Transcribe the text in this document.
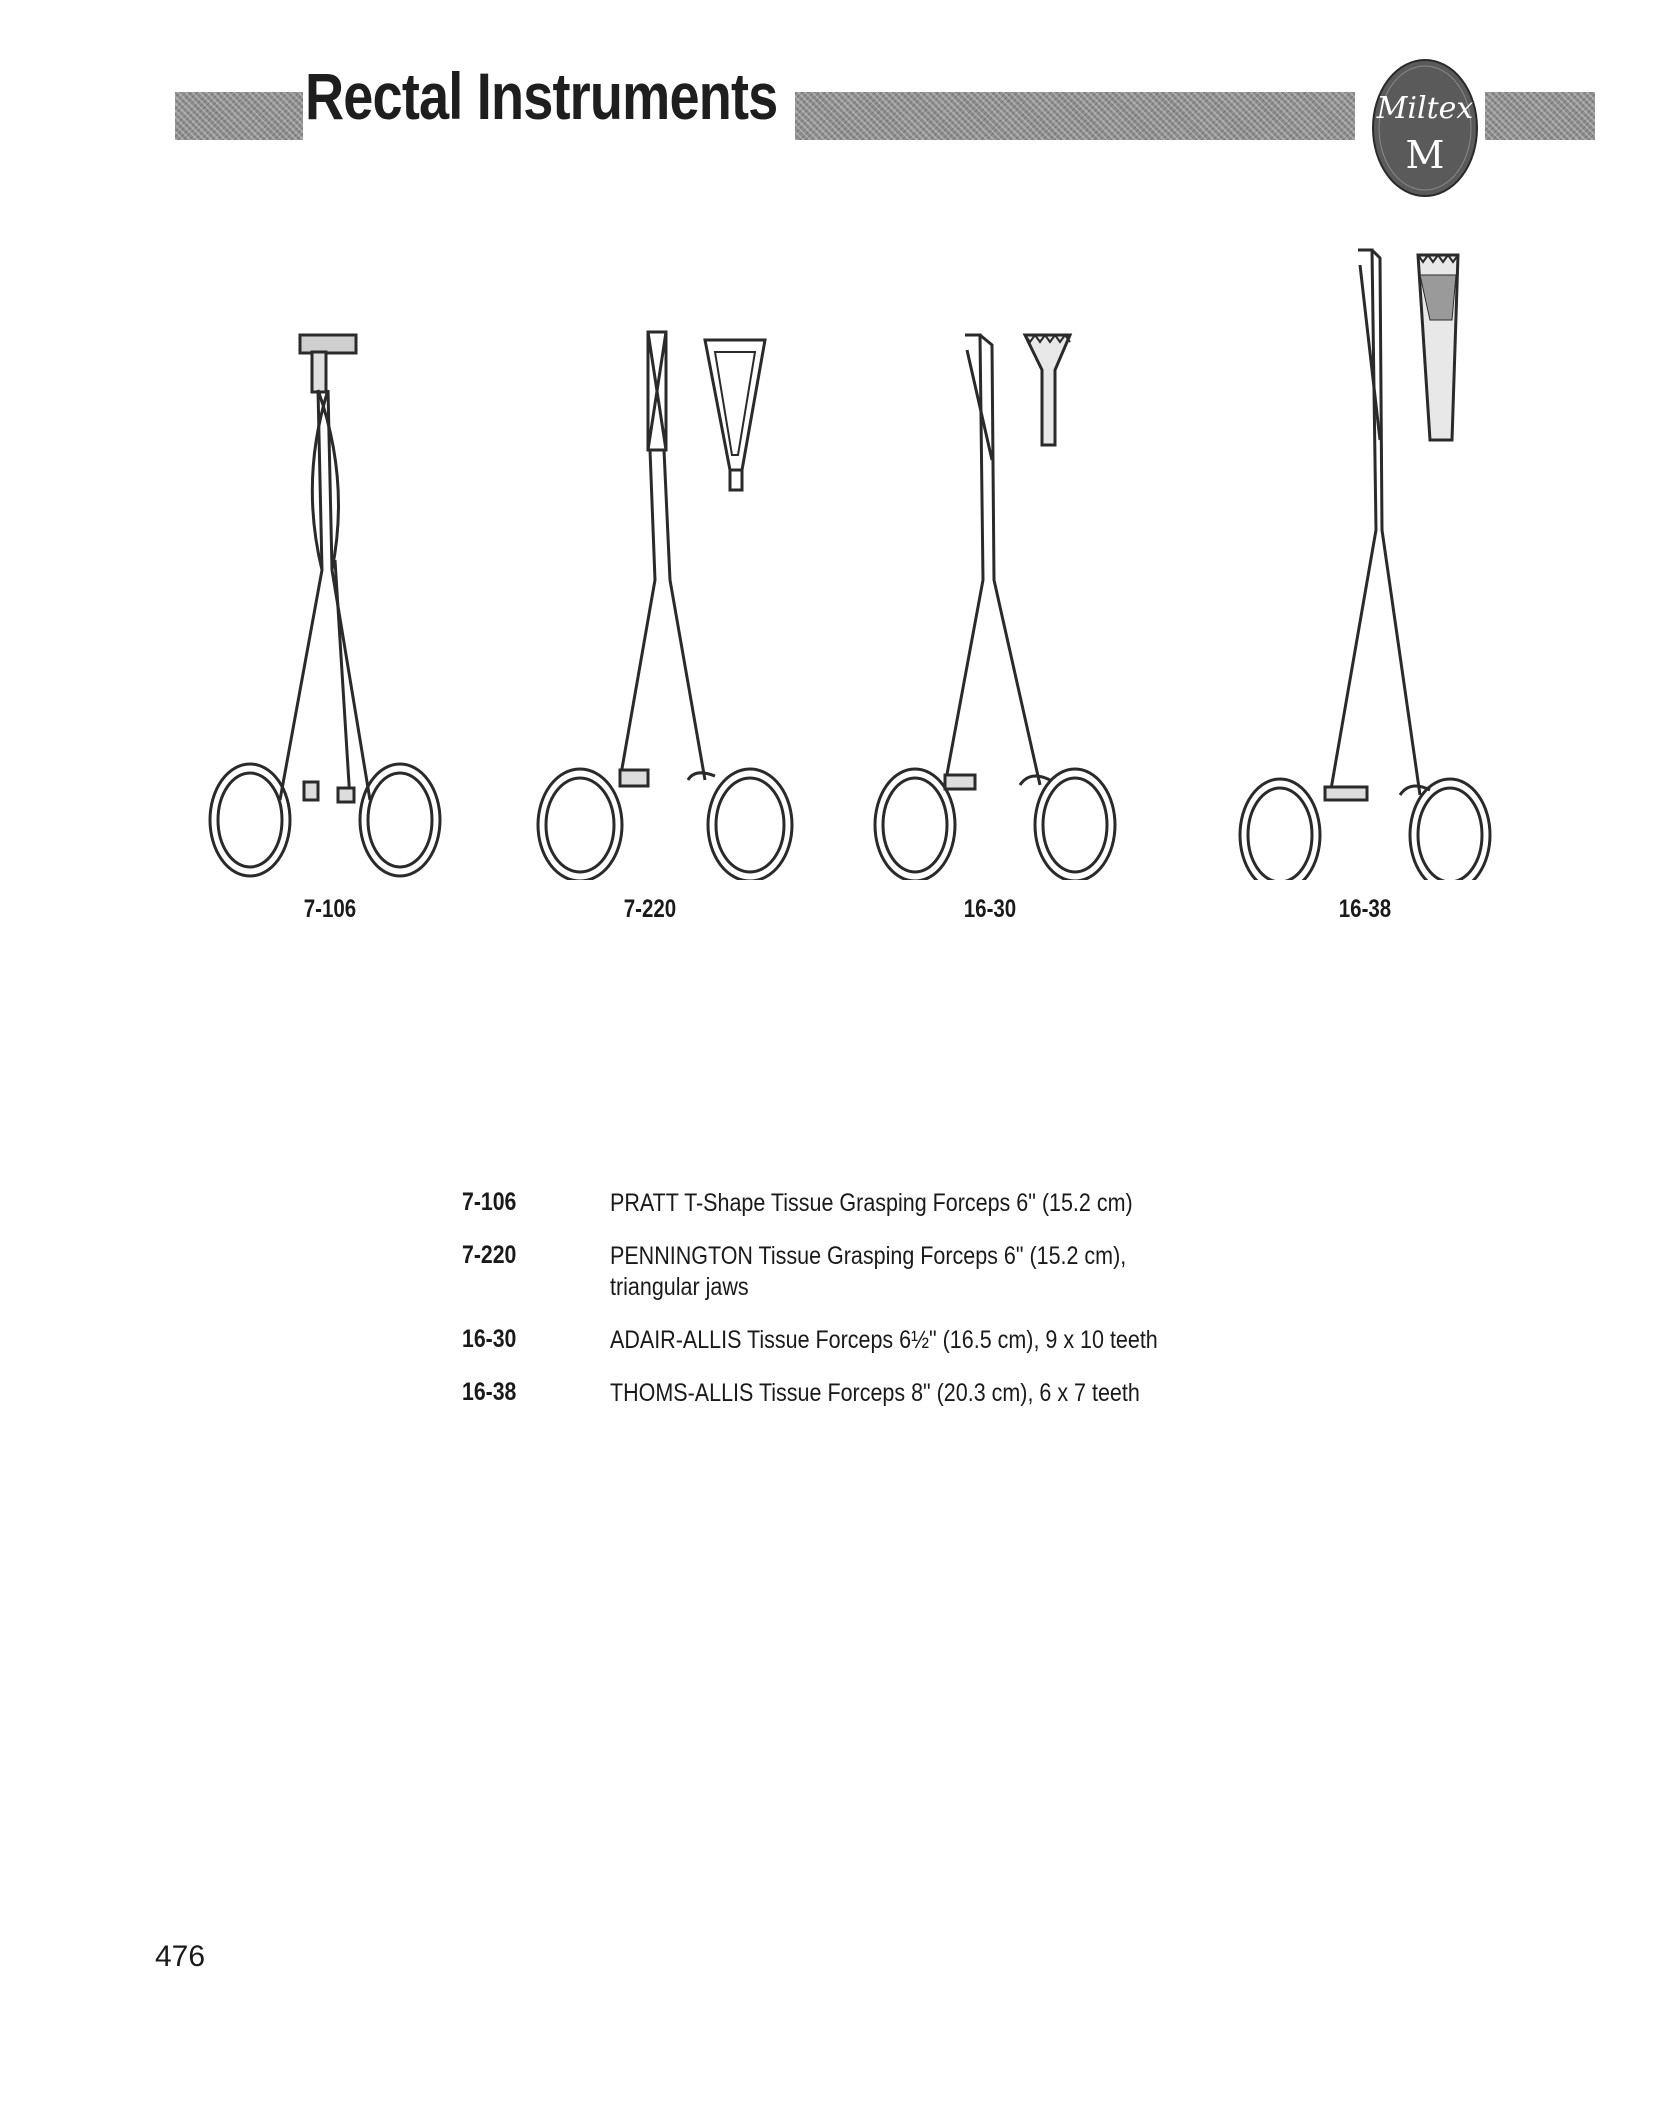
Rectal Instruments	Miltex
M
7-106	7-220	16-30	16-38
7-106	PRATT T-Shape Tissue Grasping Forceps 6" (15.2 cm)
7-220	PENNINGTON Tissue Grasping Forceps 6" (15.2 cm), triangular jaws
16-30	ADAIR-ALLIS Tissue Forceps 6½" (16.5 cm), 9 x 10 teeth
16-38	THOMS-ALLIS Tissue Forceps 8" (20.3 cm), 6 x 7 teeth
476
